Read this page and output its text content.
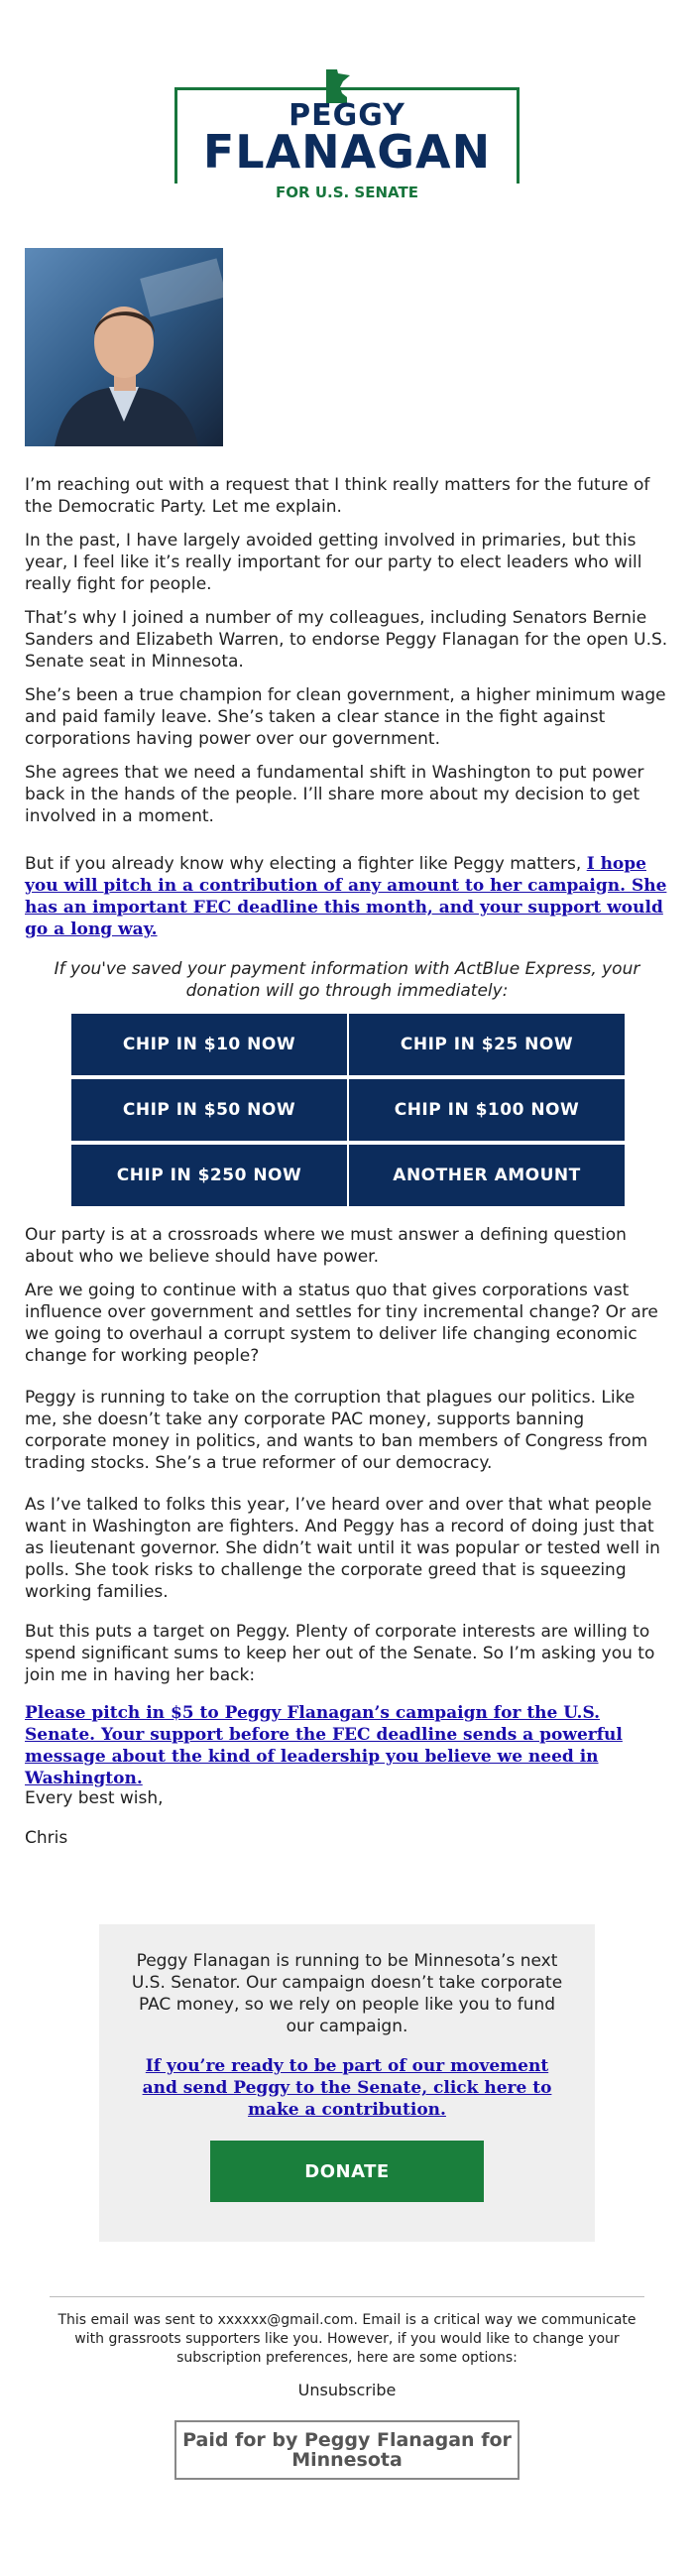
PEGGY
FLANAGAN
FOR U.S. SENATE

I’m reaching out with a request that I think really matters for the future of the Democratic Party. Let me explain.

In the past, I have largely avoided getting involved in primaries, but this year, I feel like it’s really important for our party to elect leaders who will really fight for people.

That’s why I joined a number of my colleagues, including Senators Bernie Sanders and Elizabeth Warren, to endorse Peggy Flanagan for the open U.S. Senate seat in Minnesota.

She’s been a true champion for clean government, a higher minimum wage and paid family leave. She’s taken a clear stance in the fight against corporations having power over our government.

She agrees that we need a fundamental shift in Washington to put power back in the hands of the people. I’ll share more about my decision to get involved in a moment.

But if you already know why electing a fighter like Peggy matters, I hope you will pitch in a contribution of any amount to her campaign. She has an important FEC deadline this month, and your support would go a long way.

If you've saved your payment information with ActBlue Express, your donation will go through immediately:
CHIP IN $10 NOW	CHIP IN $25 NOW
CHIP IN $50 NOW	CHIP IN $100 NOW
CHIP IN $250 NOW	ANOTHER AMOUNT

Our party is at a crossroads where we must answer a defining question about who we believe should have power.

Are we going to continue with a status quo that gives corporations vast influence over government and settles for tiny incremental change? Or are we going to overhaul a corrupt system to deliver life changing economic change for working people?

Peggy is running to take on the corruption that plagues our politics. Like me, she doesn’t take any corporate PAC money, supports banning corporate money in politics, and wants to ban members of Congress from trading stocks. She’s a true reformer of our democracy.

As I’ve talked to folks this year, I’ve heard over and over that what people want in Washington are fighters. And Peggy has a record of doing just that as lieutenant governor. She didn’t wait until it was popular or tested well in polls. She took risks to challenge the corporate greed that is squeezing working families.

But this puts a target on Peggy. Plenty of corporate interests are willing to spend significant sums to keep her out of the Senate. So I’m asking you to join me in having her back:

Please pitch in $5 to Peggy Flanagan’s campaign for the U.S. Senate. Your support before the FEC deadline sends a powerful message about the kind of leadership you believe we need in Washington.

Every best wish,

Chris

Peggy Flanagan is running to be Minnesota’s next U.S. Senator. Our campaign doesn’t take corporate PAC money, so we rely on people like you to fund our campaign.
If you’re ready to be part of our movement and send Peggy to the Senate, click here to make a contribution.
DONATE
This email was sent to xxxxxx@gmail.com. Email is a critical way we communicate with grassroots supporters like you. However, if you would like to change your subscription preferences, here are some options:
Unsubscribe
Paid for by Peggy Flanagan for Minnesota
